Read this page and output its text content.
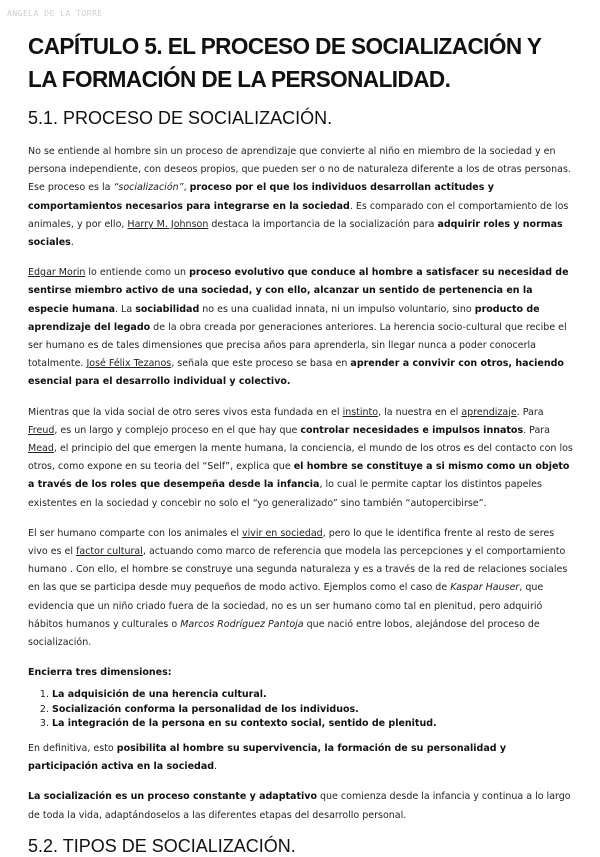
ÁNGELA DE LA TORRE
CAPÍTULO 5. EL PROCESO DE SOCIALIZACIÓN Y LA FORMACIÓN DE LA PERSONALIDAD.
5.1. PROCESO DE SOCIALIZACIÓN.

No se entiende al hombre sin un proceso de aprendizaje que convierte al niño en miembro de la sociedad y en persona independiente, con deseos propios, que pueden ser o no de naturaleza diferente a los de otras personas. Ese proceso es la “socialización”, proceso por el que los individuos desarrollan actitudes y comportamientos necesarios para integrarse en la sociedad. Es comparado con el comportamiento de los animales, y por ello, Harry M. Johnson destaca la importancia de la socialización para adquirir roles y normas sociales.

Edgar Morin lo entiende como un proceso evolutivo que conduce al hombre a satisfacer su necesidad de sentirse miembro activo de una sociedad, y con ello, alcanzar un sentido de pertenencia en la especie humana. La sociabilidad no es una cualidad innata, ni un impulso voluntario, sino producto de aprendizaje del legado de la obra creada por generaciones anteriores. La herencia socio-cultural que recibe el ser humano es de tales dimensiones que precisa años para aprenderla, sin llegar nunca a poder conocerla totalmente. José Félix Tezanos, señala que este proceso se basa en aprender a convivir con otros, haciendo esencial para el desarrollo individual y colectivo.

Mientras que la vida social de otro seres vivos esta fundada en el instinto, la nuestra en el aprendizaje. Para Freud, es un largo y complejo proceso en el que hay que controlar necesidades e impulsos innatos. Para Mead, el principio del que emergen la mente humana, la conciencia, el mundo de los otros es del contacto con los otros, como expone en su teoria del “Self”, explica que el hombre se constituye a si mismo como un objeto a través de los roles que desempeña desde la infancia, lo cual le permite captar los distintos papeles existentes en la sociedad y concebir no solo el “yo generalizado” sino también “autopercibirse”.

El ser humano comparte con los animales el vivir en sociedad, pero lo que le identifica frente al resto de seres vivo es el factor cultural, actuando como marco de referencia que modela las percepciones y el comportamiento humano . Con ello, el hombre se construye una segunda naturaleza y es a través de la red de relaciones sociales en las que se participa desde muy pequeños de modo activo. Ejemplos como el caso de Kaspar Hauser, que evidencia que un niño criado fuera de la sociedad, no es un ser humano como tal en plenitud, pero adquirió hábitos humanos y culturales o Marcos Rodríguez Pantoja que nació entre lobos, alejándose del proceso de socialización.

Encierra tres dimensiones:

1. La adquisición de una herencia cultural.
2. Socialización conforma la personalidad de los individuos.
3. La integración de la persona en su contexto social, sentido de plenitud.

En definitiva, esto posibilita al hombre su supervivencia, la formación de su personalidad y participación activa en la sociedad.

La socialización es un proceso constante y adaptativo que comienza desde la infancia y continua a lo largo de toda la vida, adaptándoselos a las diferentes etapas del desarrollo personal.

5.2. TIPOS DE SOCIALIZACIÓN.
